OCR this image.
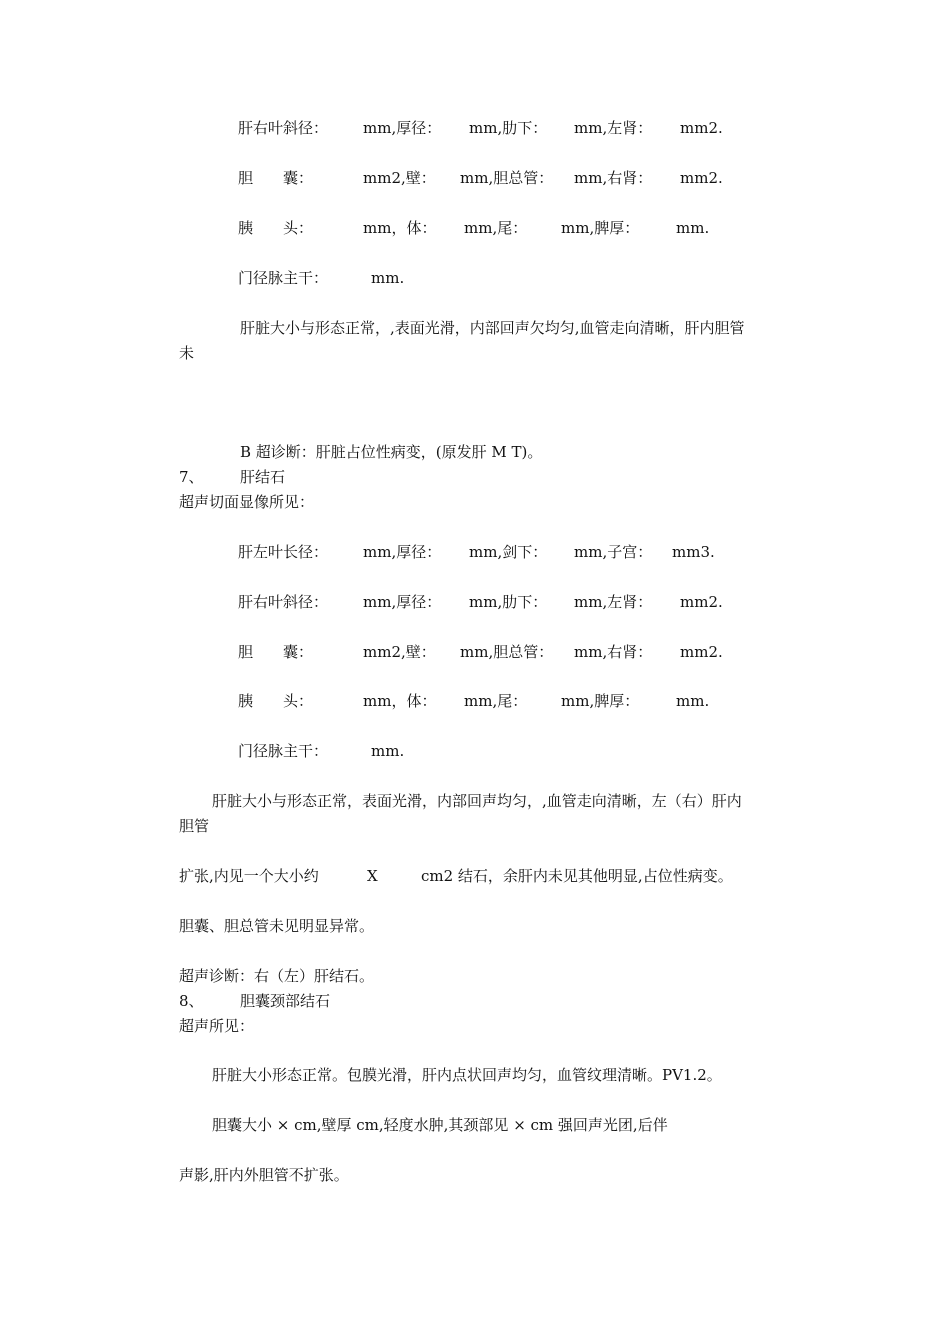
肝右叶斜径： mm,厚径： mm,肋下： mm,左肾： mm2.
胆　　囊：	mm2,壁： mm,胆总管： mm,右肾： mm2.
胰　　头：	mm，体： mm,尾： mm,脾厚： mm.
门径脉主干：	mm.
肝脏大小与形态正常，,表面光滑，内部回声欠均匀,血管走向清晰，肝内胆管
未
B 超诊断：肝脏占位性病变，(原发肝 M T)。
7、 肝结石
超声切面显像所见：
肝左叶长径： mm,厚径： mm,剑下： mm,子宫： mm3.
肝右叶斜径： mm,厚径： mm,肋下： mm,左肾： mm2.
胆　　囊：	mm2,壁： mm,胆总管： mm,右肾： mm2.
胰　　头：	mm，体： mm,尾： mm,脾厚： mm.
门径脉主干：	mm.
肝脏大小与形态正常，表面光滑，内部回声均匀，,血管走向清晰，左（右）肝内
胆管
扩张,内见一个大小约	X	cm2 结石，余肝内未见其他明显,占位性病变。
胆囊、胆总管未见明显异常。
超声诊断：右（左）肝结石。
8、 胆囊颈部结石
超声所见：
肝脏大小形态正常。包膜光滑，肝内点状回声均匀，血管纹理清晰。PV1.2。
胆囊大小 × cm,壁厚 cm,轻度水肿,其颈部见 × cm 强回声光团,后伴
声影,肝内外胆管不扩张。
